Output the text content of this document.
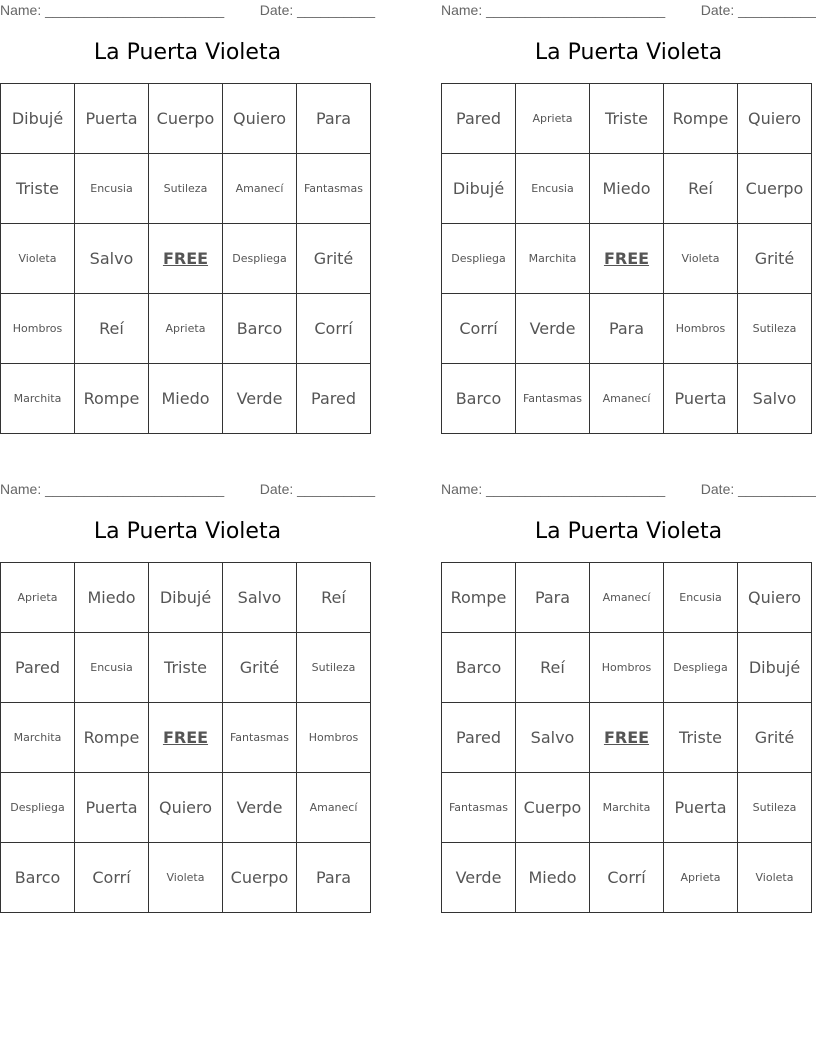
Name: _______________________	Date: __________
La Puerta Violeta
Dibujé	Puerta	Cuerpo	Quiero	Para
Triste	Encusia	Sutileza	Amanecí	Fantasmas
Violeta	Salvo	FREE	Despliega	Grité
Hombros	Reí	Aprieta	Barco	Corrí
Marchita	Rompe	Miedo	Verde	Pared
Name: _______________________	Date: __________
La Puerta Violeta
Pared	Aprieta	Triste	Rompe	Quiero
Dibujé	Encusia	Miedo	Reí	Cuerpo
Despliega	Marchita	FREE	Violeta	Grité
Corrí	Verde	Para	Hombros	Sutileza
Barco	Fantasmas	Amanecí	Puerta	Salvo
Name: _______________________	Date: __________
La Puerta Violeta
Aprieta	Miedo	Dibujé	Salvo	Reí
Pared	Encusia	Triste	Grité	Sutileza
Marchita	Rompe	FREE	Fantasmas	Hombros
Despliega	Puerta	Quiero	Verde	Amanecí
Barco	Corrí	Violeta	Cuerpo	Para
Name: _______________________	Date: __________
La Puerta Violeta
Rompe	Para	Amanecí	Encusia	Quiero
Barco	Reí	Hombros	Despliega	Dibujé
Pared	Salvo	FREE	Triste	Grité
Fantasmas	Cuerpo	Marchita	Puerta	Sutileza
Verde	Miedo	Corrí	Aprieta	Violeta
